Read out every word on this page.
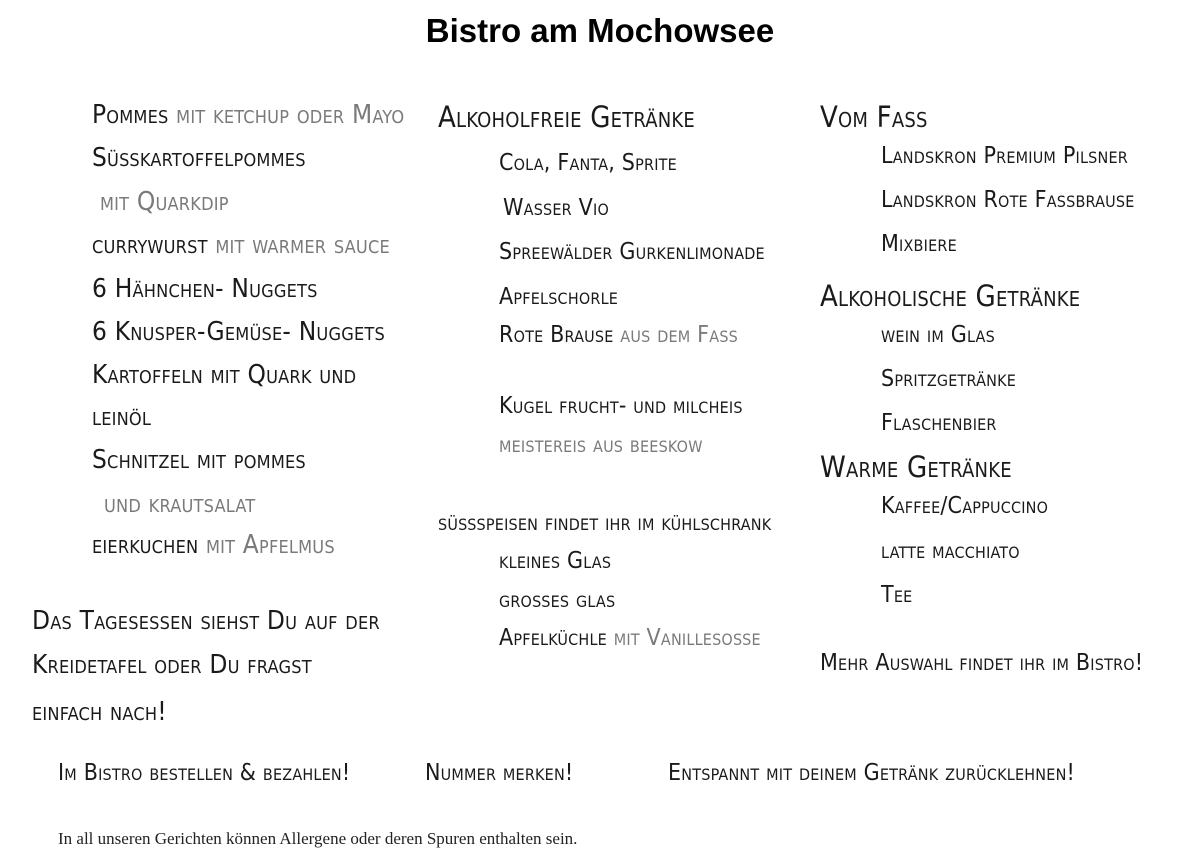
Bistro am Mochowsee
Pommes mit ketchup oder Mayo
Süßkartoffelpommes
mit Quarkdip
currywurst mit warmer sauce
6 Hähnchen- Nuggets
6 Knusper-Gemüse- Nuggets
Kartoffeln mit Quark und
leinöl
Schnitzel mit pommes
und krautsalat
eierkuchen mit Apfelmus
Das Tagesessen siehst Du auf der
Kreidetafel oder Du fragst
einfach nach!
Alkoholfreie Getränke
Cola, Fanta, Sprite
Wasser Vio
Spreewälder Gurkenlimonade
Apfelschorle
Rote Brause aus dem Fass
Kugel frucht- und milcheis
meistereis aus beeskow
süßspeisen findet ihr im kühlschrank
kleines Glas
großes glas
Apfelküchle mit Vanillesoße
Vom Fass
Landskron Premium Pilsner
Landskron Rote Fassbrause
Mixbiere
Alkoholische Getränke
wein im Glas
Spritzgetränke
Flaschenbier
Warme Getränke
Kaffee/Cappuccino
latte macchiato
Tee
Mehr Auswahl findet ihr im Bistro!
Im Bistro bestellen & bezahlen!	Nummer merken!	Entspannt mit deinem Getränk zurücklehnen!
In all unseren Gerichten können Allergene oder deren Spuren enthalten sein.
